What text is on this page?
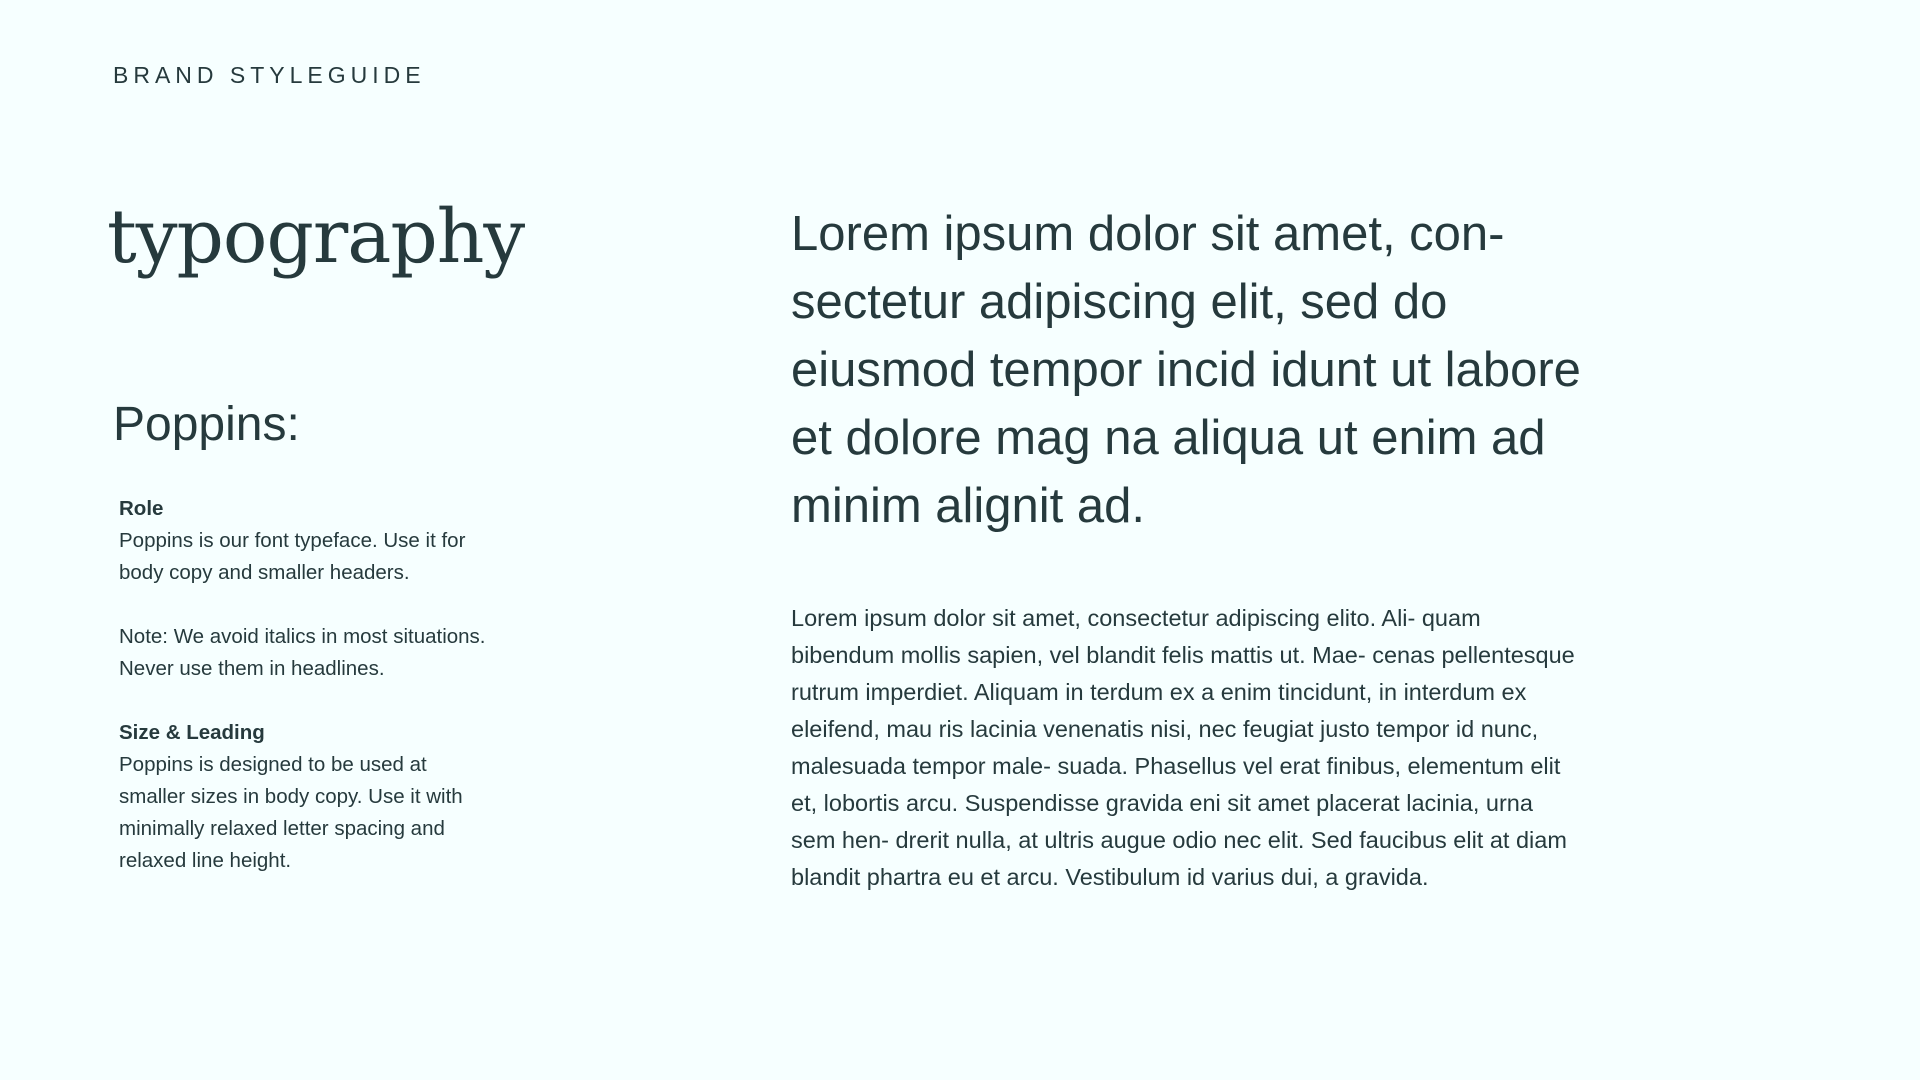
BRAND STYLEGUIDE
typography
Poppins:
Role

Poppins is our font typeface. Use it for

body copy and smaller headers.

Note: We avoid italics in most situations.

Never use them in headlines.

Size & Leading

Poppins is designed to be used at

smaller sizes in body copy. Use it with

minimally relaxed letter spacing and

relaxed line height.

Lorem ipsum dolor sit amet, con-
sectetur adipiscing elit, sed do
eiusmod tempor incid idunt ut labore
et dolore mag na aliqua ut enim ad
minim alignit ad.
Lorem ipsum dolor sit amet, consectetur adipiscing elito. Ali- quam
bibendum mollis sapien, vel blandit felis mattis ut. Mae- cenas pellentesque
rutrum imperdiet. Aliquam in terdum ex a enim tincidunt, in interdum ex
eleifend, mau ris lacinia venenatis nisi, nec feugiat justo tempor id nunc,
malesuada tempor male- suada. Phasellus vel erat finibus, elementum elit
et, lobortis arcu. Suspendisse gravida eni sit amet placerat lacinia, urna
sem hen- drerit nulla, at ultris augue odio nec elit. Sed faucibus elit at diam
blandit phartra eu et arcu. Vestibulum id varius dui, a gravida.
